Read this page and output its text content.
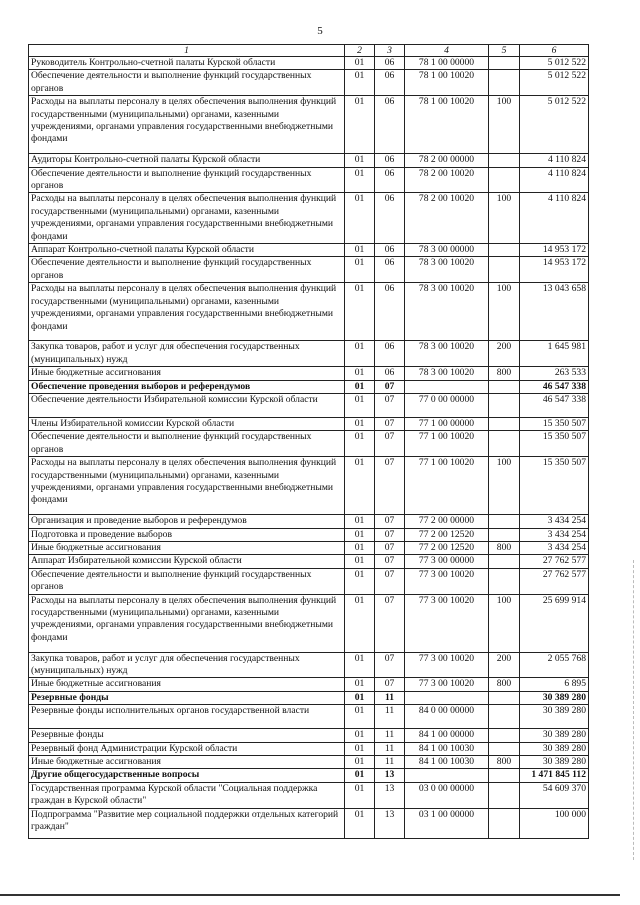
5
1	2	3	4	5	6
Руководитель Контрольно-счетной палаты Курской области	01	06	78 1 00 00000		5 012 522
Обеспечение деятельности и выполнение функций государственных органов	01	06	78 1 00 10020		5 012 522
Расходы на выплаты персоналу в целях обеспечения выполнения функций государственными (муниципальными) органами, казенными учреждениями, органами управления государственными внебюджетными фондами	01	06	78 1 00 10020	100	5 012 522
Аудиторы Контрольно-счетной палаты Курской области	01	06	78 2 00 00000		4 110 824
Обеспечение деятельности и выполнение функций государственных органов	01	06	78 2 00 10020		4 110 824
Расходы на выплаты персоналу в целях обеспечения выполнения функций государственными (муниципальными) органами, казенными учреждениями, органами управления государственными внебюджетными фондами	01	06	78 2 00 10020	100	4 110 824
Аппарат Контрольно-счетной палаты Курской области	01	06	78 3 00 00000		14 953 172
Обеспечение деятельности и выполнение функций государственных органов	01	06	78 3 00 10020		14 953 172
Расходы на выплаты персоналу в целях обеспечения выполнения функций государственными (муниципальными) органами, казенными учреждениями, органами управления государственными внебюджетными фондами	01	06	78 3 00 10020	100	13 043 658
Закупка товаров, работ и услуг для обеспечения государственных (муниципальных) нужд	01	06	78 3 00 10020	200	1 645 981
Иные бюджетные ассигнования	01	06	78 3 00 10020	800	263 533
Обеспечение проведения выборов и референдумов	01	07			46 547 338
Обеспечение деятельности Избирательной комиссии Курской области	01	07	77 0 00 00000		46 547 338
Члены Избирательной комиссии Курской области	01	07	77 1 00 00000		15 350 507
Обеспечение деятельности и выполнение функций государственных органов	01	07	77 1 00 10020		15 350 507
Расходы на выплаты персоналу в целях обеспечения выполнения функций государственными (муниципальными) органами, казенными учреждениями, органами управления государственными внебюджетными фондами	01	07	77 1 00 10020	100	15 350 507
Организация и проведение выборов и референдумов	01	07	77 2 00 00000		3 434 254
Подготовка и проведение выборов	01	07	77 2 00 12520		3 434 254
Иные бюджетные ассигнования	01	07	77 2 00 12520	800	3 434 254
Аппарат Избирательной комиссии Курской области	01	07	77 3 00 00000		27 762 577
Обеспечение деятельности и выполнение функций государственных органов	01	07	77 3 00 10020		27 762 577
Расходы на выплаты персоналу в целях обеспечения выполнения функций государственными (муниципальными) органами, казенными учреждениями, органами управления государственными внебюджетными фондами	01	07	77 3 00 10020	100	25 699 914
Закупка товаров, работ и услуг для обеспечения государственных (муниципальных) нужд	01	07	77 3 00 10020	200	2 055 768
Иные бюджетные ассигнования	01	07	77 3 00 10020	800	6 895
Резервные фонды	01	11			30 389 280
Резервные фонды исполнительных органов государственной власти	01	11	84 0 00 00000		30 389 280
Резервные фонды	01	11	84 1 00 00000		30 389 280
Резервный фонд Администрации Курской области	01	11	84 1 00 10030		30 389 280
Иные бюджетные ассигнования	01	11	84 1 00 10030	800	30 389 280
Другие общегосударственные вопросы	01	13			1 471 845 112
Государственная программа Курской области "Социальная поддержка граждан в Курской области"	01	13	03 0 00 00000		54 609 370
Подпрограмма "Развитие мер социальной поддержки отдельных категорий граждан"	01	13	03 1 00 00000		100 000
